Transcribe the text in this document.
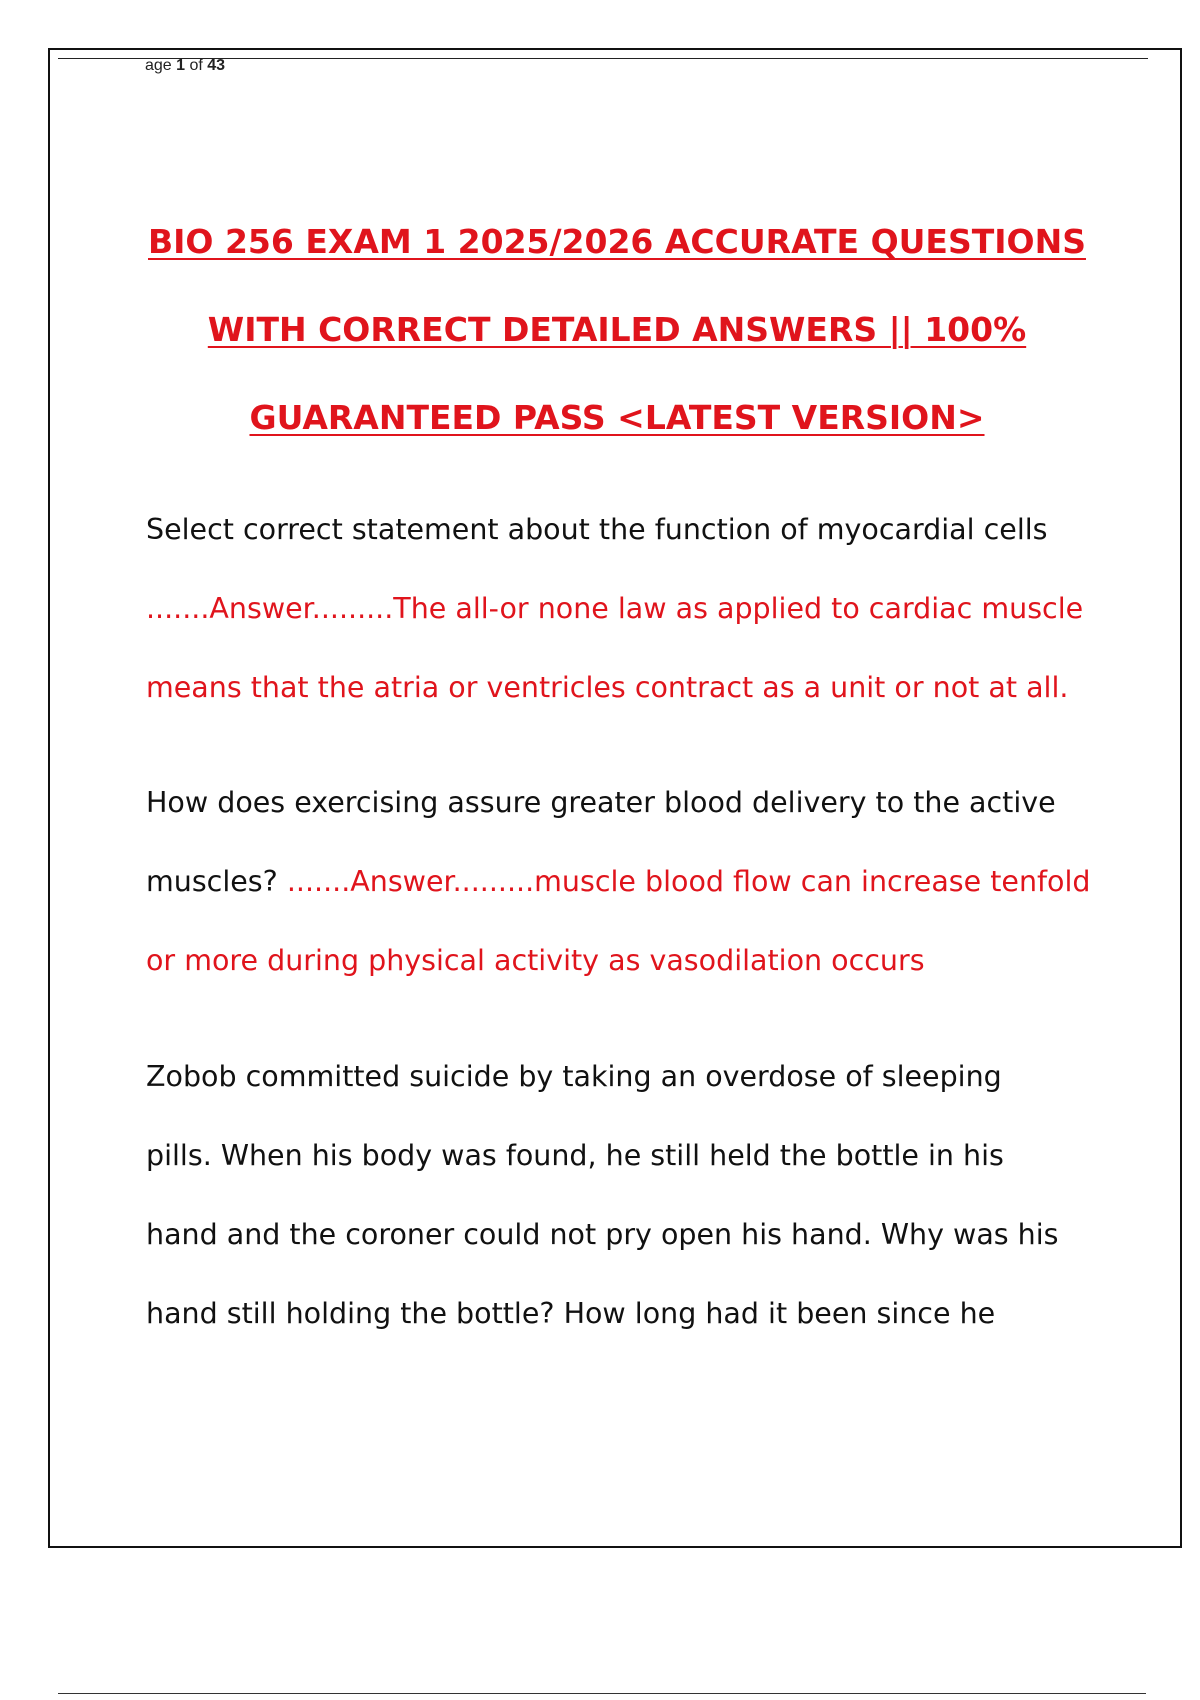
age 1 of 43
BIO 256 EXAM 1 2025/2026 ACCURATE QUESTIONS
WITH CORRECT DETAILED ANSWERS || 100%
GUARANTEED PASS <LATEST VERSION>
Select correct statement about the function of myocardial cells
.......Answer.........The all-or none law as applied to cardiac muscle
means that the atria or ventricles contract as a unit or not at all.
How does exercising assure greater blood delivery to the active
muscles? .......Answer.........muscle blood flow can increase tenfold
or more during physical activity as vasodilation occurs
Zobob committed suicide by taking an overdose of sleeping
pills. When his body was found, he still held the bottle in his
hand and the coroner could not pry open his hand. Why was his
hand still holding the bottle? How long had it been since he
